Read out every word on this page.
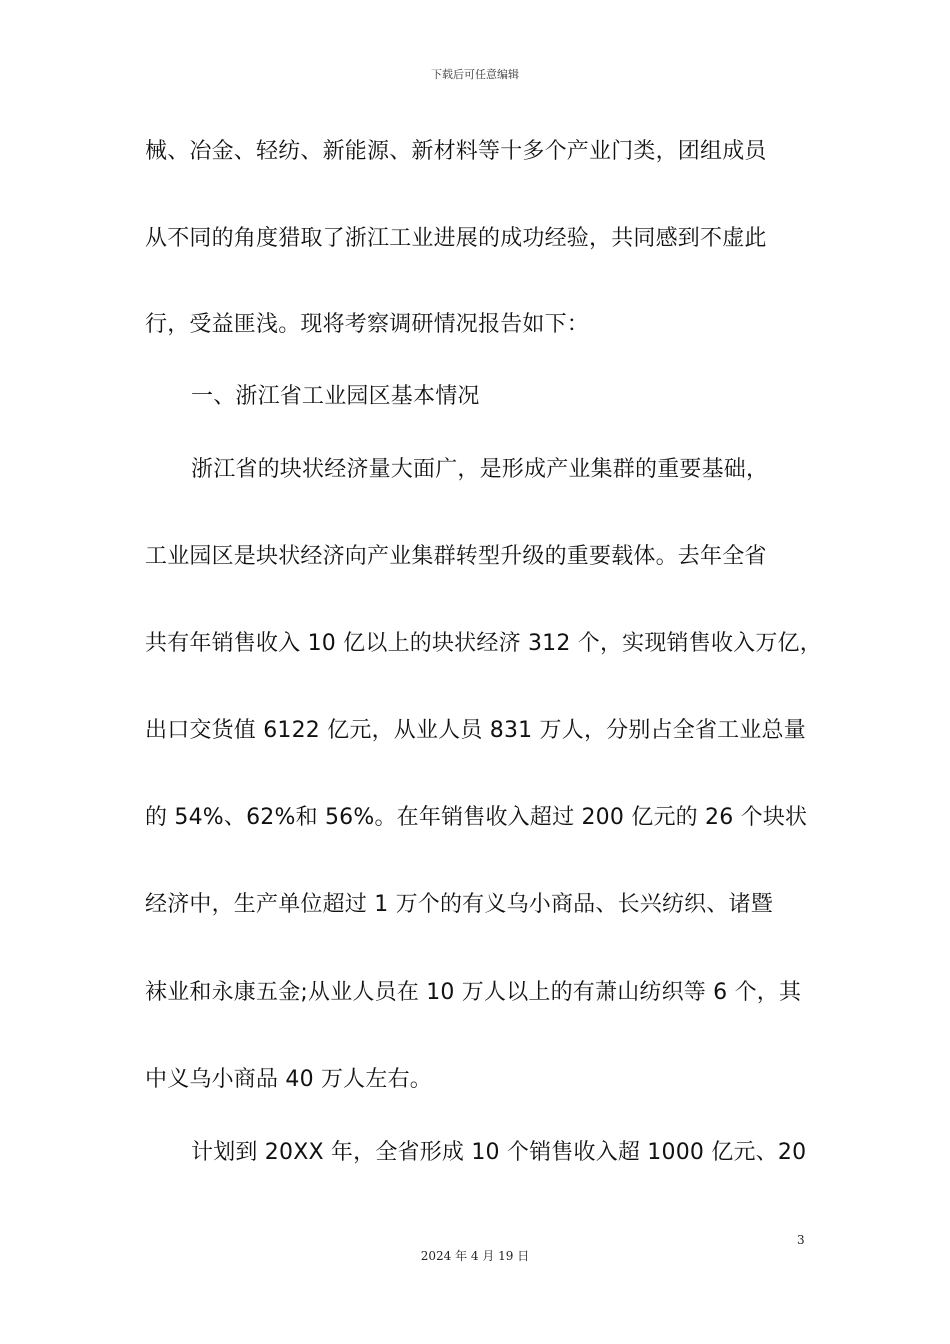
下载后可任意编辑
械、冶金、轻纺、新能源、新材料等十多个产业门类，团组成员
从不同的角度猎取了浙江工业进展的成功经验，共同感到不虚此
行，受益匪浅。现将考察调研情况报告如下：
一、浙江省工业园区基本情况
浙江省的块状经济量大面广，是形成产业集群的重要基础，
工业园区是块状经济向产业集群转型升级的重要载体。去年全省
共有年销售收入 10 亿以上的块状经济 312 个，实现销售收入万亿，
出口交货值 6122 亿元，从业人员 831 万人，分别占全省工业总量
的 54%、62%和 56%。在年销售收入超过 200 亿元的 26 个块状
经济中，生产单位超过 1 万个的有义乌小商品、长兴纺织、诸暨
袜业和永康五金;从业人员在 10 万人以上的有萧山纺织等 6 个，其
中义乌小商品 40 万人左右。
计划到 20XX 年，全省形成 10 个销售收入超 1000 亿元、20
3
2024 年 4 月 19 日
